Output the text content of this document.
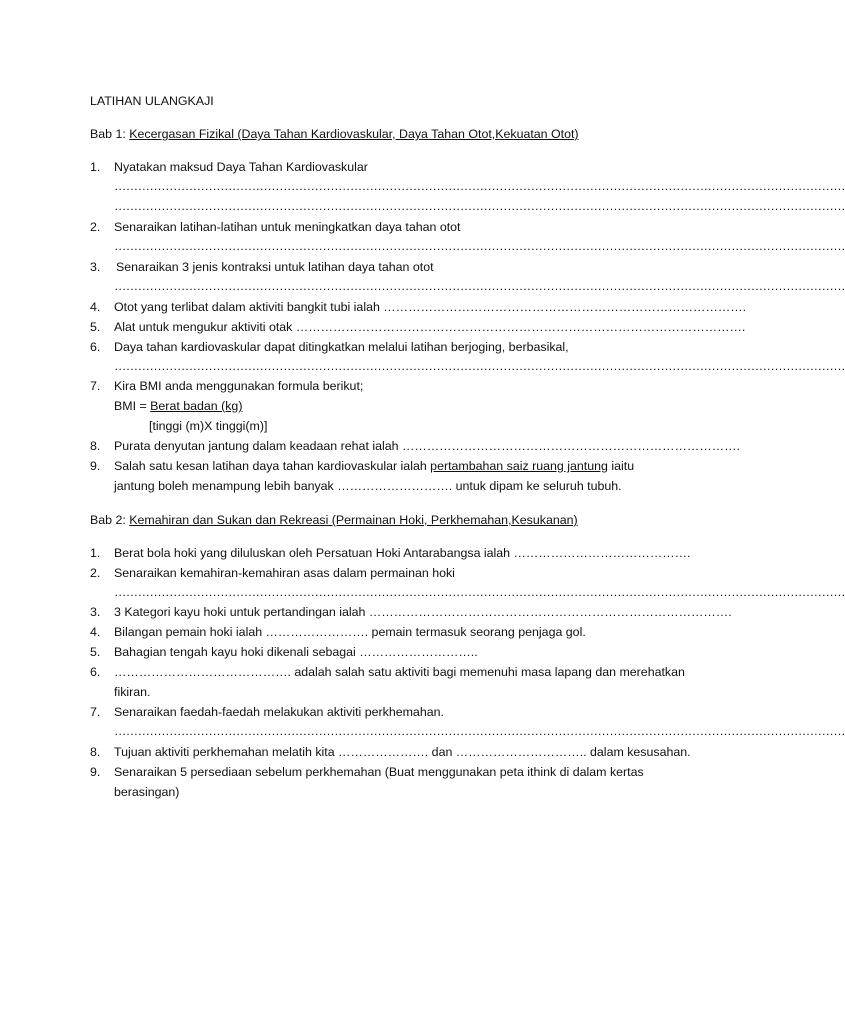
LATIHAN ULANGKAJI
Bab 1: Kecergasan Fizikal (Daya Tahan Kardiovaskular, Daya Tahan Otot,Kekuatan Otot)
1.	Nyatakan maksud Daya Tahan Kardiovaskular
……………………………………………………………………………………………………………………………………………………………………
……………………………………………………………………………………………………………………………………………………………………
2.	Senaraikan latihan-latihan untuk meningkatkan daya tahan otot
……………………………………………………………………………………………………………………………………………………………………
3.	Senaraikan 3 jenis kontraksi untuk latihan daya tahan otot
……………………………………………………………………………………………………………………………………………………………………
4.	Otot yang terlibat dalam aktiviti bangkit tubi ialah …………………………………………………………………………….
5.	Alat untuk mengukur aktiviti otak ……………………………………………………………………………………………….
6.	Daya tahan kardiovaskular dapat ditingkatkan melalui latihan berjoging, berbasikal,
……………………………………………………………………………………………………………………………………………………………………
7.	Kira BMI anda menggunakan formula berikut;
BMI = Berat badan (kg)
[tinggi (m)X tinggi(m)]
8.	Purata denyutan jantung dalam keadaan rehat ialah ……………………………………………………………………….
9.	Salah satu kesan latihan daya tahan kardiovaskular ialah pertambahan saiz ruang jantung iaitu
jantung boleh menampung lebih banyak ………………………. untuk dipam ke seluruh tubuh.
Bab 2: Kemahiran dan Sukan dan Rekreasi (Permainan Hoki, Perkhemahan,Kesukanan)
1.	Berat bola hoki yang diluluskan oleh Persatuan Hoki Antarabangsa ialah …………………………………….
2.	Senaraikan kemahiran-kemahiran asas dalam permainan hoki
……………………………………………………………………………………………………………………………………………………………………
3.	3 Kategori kayu hoki untuk pertandingan ialah …………………………………………………………………………….
4.	Bilangan pemain hoki ialah ……………………. pemain termasuk seorang penjaga gol.
5.	Bahagian tengah kayu hoki dikenali sebagai ………………………..
6.	……………………………………. adalah salah satu aktiviti bagi memenuhi masa lapang dan merehatkan
fikiran.
7.	Senaraikan faedah-faedah melakukan aktiviti perkhemahan.
……………………………………………………………………………………………………………………………………………………………………
8.	Tujuan aktiviti perkhemahan melatih kita …………………. dan ………………………….. dalam kesusahan.
9.	Senaraikan 5 persediaan sebelum perkhemahan (Buat menggunakan peta ithink di dalam kertas
berasingan)
